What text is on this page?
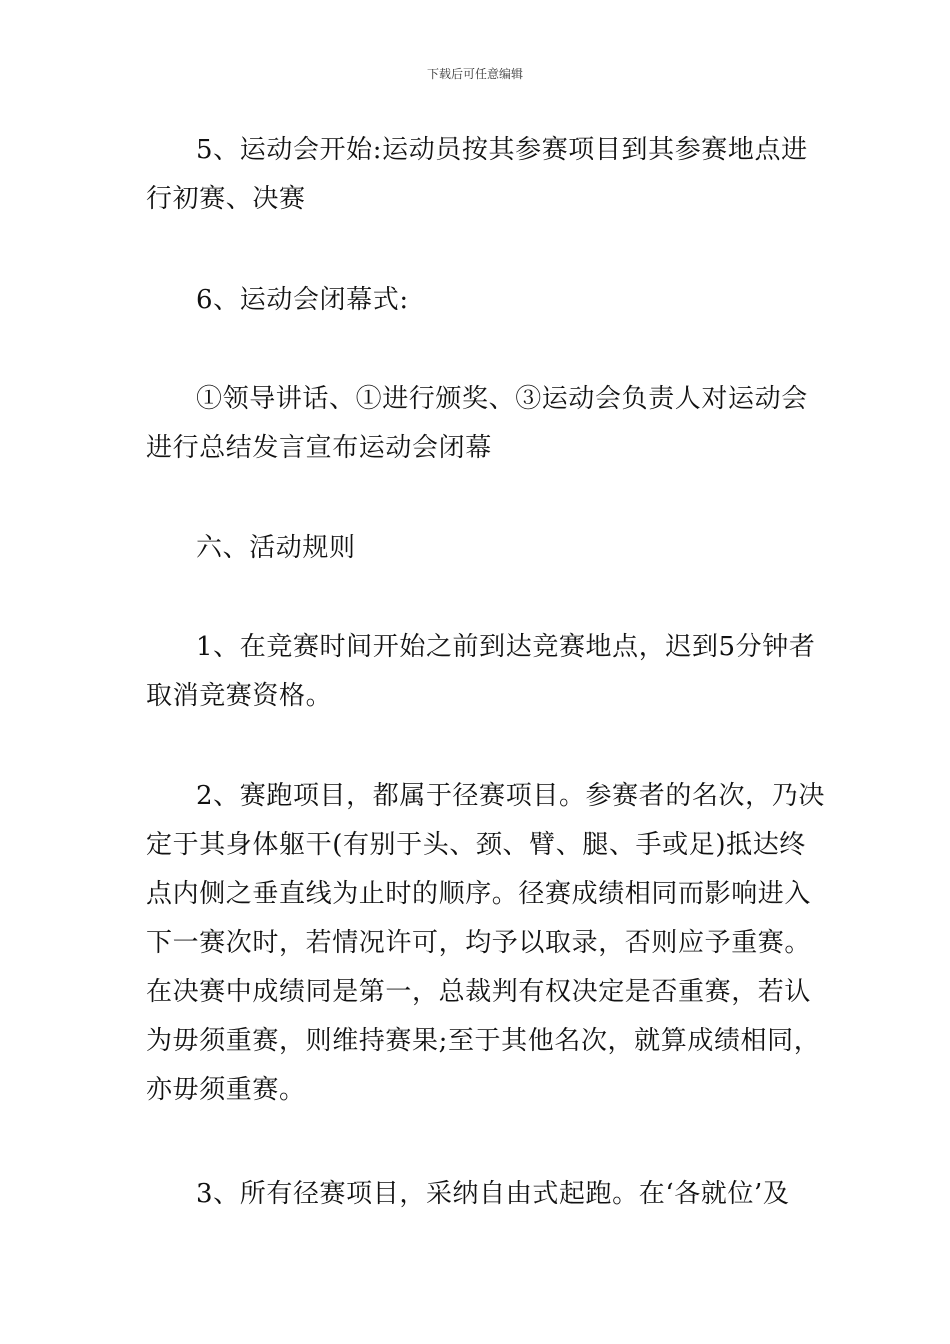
下载后可任意编辑
5、运动会开始:运动员按其参赛项目到其参赛地点进
行初赛、决赛
6、运动会闭幕式:
①领导讲话、①进行颁奖、③运动会负责人对运动会
进行总结发言宣布运动会闭幕
六、活动规则
1、在竞赛时间开始之前到达竞赛地点，迟到5分钟者
取消竞赛资格。
2、赛跑项目，都属于径赛项目。参赛者的名次，乃决
定于其身体躯干(有别于头、颈、臂、腿、手或足)抵达终
点内侧之垂直线为止时的顺序。径赛成绩相同而影响进入
下一赛次时，若情况许可，均予以取录，否则应予重赛。
在决赛中成绩同是第一，总裁判有权决定是否重赛，若认
为毋须重赛，则维持赛果;至于其他名次，就算成绩相同，
亦毋须重赛。
3、所有径赛项目，采纳自由式起跑。在‘各就位’及
